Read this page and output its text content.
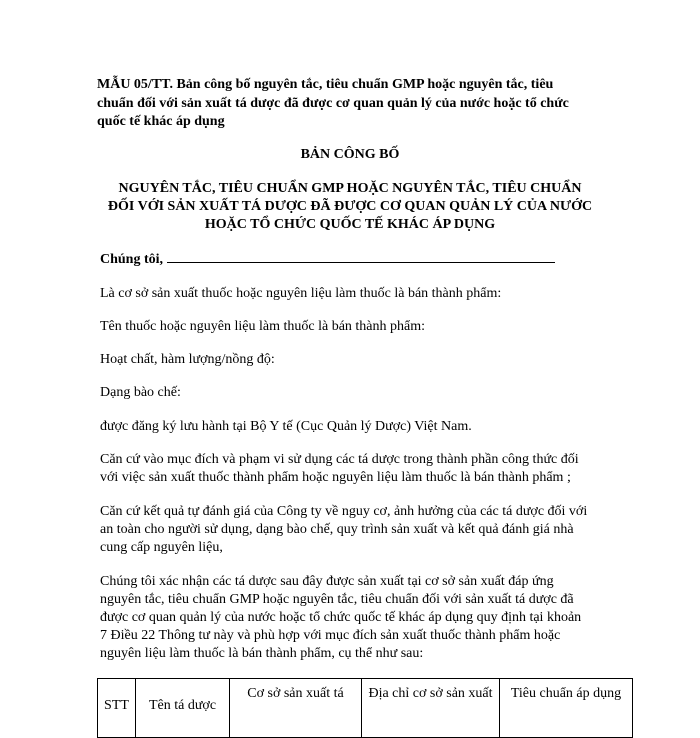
MẪU 05/TT. Bản công bố nguyên tắc, tiêu chuẩn GMP hoặc nguyên tắc, tiêu

chuẩn đối với sản xuất tá dược đã được cơ quan quản lý của nước hoặc tổ chức

quốc tế khác áp dụng

BẢN CÔNG BỐ

NGUYÊN TẮC, TIÊU CHUẨN GMP HOẶC NGUYÊN TẮC, TIÊU CHUẨN

ĐỐI VỚI SẢN XUẤT TÁ DƯỢC ĐÃ ĐƯỢC CƠ QUAN QUẢN LÝ CỦA NƯỚC

HOẶC TỔ CHỨC QUỐC TẾ KHÁC ÁP DỤNG

Chúng tôi,

Là cơ sở sản xuất thuốc hoặc nguyên liệu làm thuốc là bán thành phẩm:

Tên thuốc hoặc nguyên liệu làm thuốc là bán thành phẩm:

Hoạt chất, hàm lượng/nồng độ:

Dạng bào chế:

được đăng ký lưu hành tại Bộ Y tế (Cục Quản lý Dược) Việt Nam.

Căn cứ vào mục đích và phạm vi sử dụng các tá dược trong thành phần công thức đối

với việc sản xuất thuốc thành phẩm hoặc nguyên liệu làm thuốc là bán thành phẩm ;

Căn cứ kết quả tự đánh giá của Công ty về nguy cơ, ảnh hưởng của các tá dược đối với

an toàn cho người sử dụng, dạng bào chế, quy trình sản xuất và kết quả đánh giá nhà

cung cấp nguyên liệu,

Chúng tôi xác nhận các tá dược sau đây được sản xuất tại cơ sở sản xuất đáp ứng

nguyên tắc, tiêu chuẩn GMP hoặc nguyên tắc, tiêu chuẩn đối với sản xuất tá dược đã

được cơ quan quản lý của nước hoặc tổ chức quốc tế khác áp dụng quy định tại khoản

7 Điều 22 Thông tư này và phù hợp với mục đích sản xuất thuốc thành phẩm hoặc

nguyên liệu làm thuốc là bán thành phẩm, cụ thể như sau:

STT	Tên tá dược	Cơ sở sản xuất tá	Địa chỉ cơ sở sản xuất	Tiêu chuẩn áp dụng
